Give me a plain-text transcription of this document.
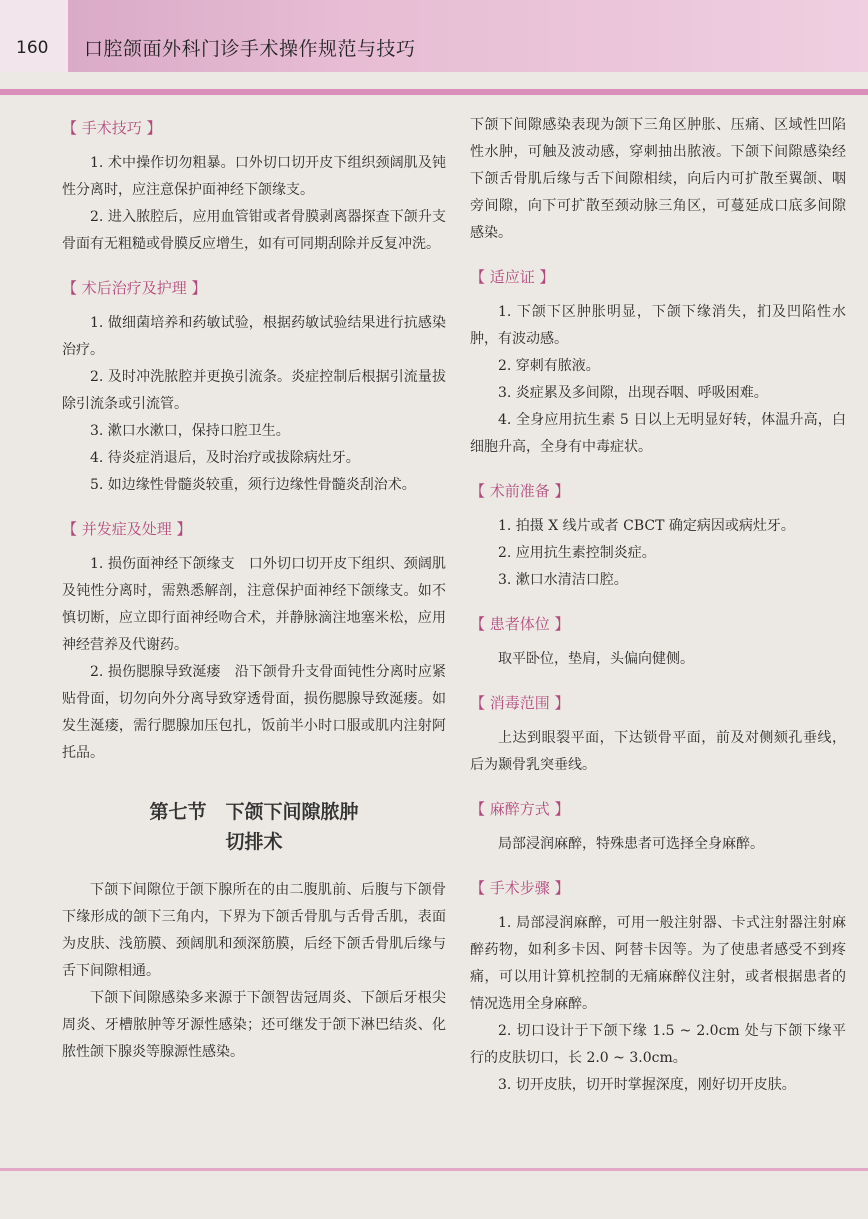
160 口腔颌面外科门诊手术操作规范与技巧
【 手术技巧 】

1. 术中操作切勿粗暴。口外切口切开皮下组织颈阔肌及钝性分离时，应注意保护面神经下颌缘支。

2. 进入脓腔后，应用血管钳或者骨膜剥离器探查下颌升支骨面有无粗糙或骨膜反应增生，如有可同期刮除并反复冲洗。

【 术后治疗及护理 】

1. 做细菌培养和药敏试验，根据药敏试验结果进行抗感染治疗。

2. 及时冲洗脓腔并更换引流条。炎症控制后根据引流量拔除引流条或引流管。

3. 漱口水漱口，保持口腔卫生。

4. 待炎症消退后，及时治疗或拔除病灶牙。

5. 如边缘性骨髓炎较重，须行边缘性骨髓炎刮治术。

【 并发症及处理 】

1. 损伤面神经下颌缘支　口外切口切开皮下组织、颈阔肌及钝性分离时，需熟悉解剖，注意保护面神经下颌缘支。如不慎切断，应立即行面神经吻合术，并静脉滴注地塞米松，应用神经营养及代谢药。

2. 损伤腮腺导致涎瘘　沿下颌骨升支骨面钝性分离时应紧贴骨面，切勿向外分离导致穿透骨面，损伤腮腺导致涎瘘。如发生涎瘘，需行腮腺加压包扎，饭前半小时口服或肌内注射阿托品。

第七节　下颌下间隙脓肿
切排术

下颌下间隙位于颌下腺所在的由二腹肌前、后腹与下颌骨下缘形成的颌下三角内，下界为下颌舌骨肌与舌骨舌肌，表面为皮肤、浅筋膜、颈阔肌和颈深筋膜，后经下颌舌骨肌后缘与舌下间隙相通。

下颌下间隙感染多来源于下颌智齿冠周炎、下颌后牙根尖周炎、牙槽脓肿等牙源性感染；还可继发于颌下淋巴结炎、化脓性颌下腺炎等腺源性感染。

下颌下间隙感染表现为颌下三角区肿胀、压痛、区域性凹陷性水肿，可触及波动感，穿刺抽出脓液。下颌下间隙感染经下颌舌骨肌后缘与舌下间隙相续，向后内可扩散至翼颌、咽旁间隙，向下可扩散至颈动脉三角区，可蔓延成口底多间隙感染。

【 适应证 】

1. 下颌下区肿胀明显，下颌下缘消失，扪及凹陷性水肿，有波动感。

2. 穿刺有脓液。

3. 炎症累及多间隙，出现吞咽、呼吸困难。

4. 全身应用抗生素 5 日以上无明显好转，体温升高，白细胞升高，全身有中毒症状。

【 术前准备 】

1. 拍摄 X 线片或者 CBCT 确定病因或病灶牙。

2. 应用抗生素控制炎症。

3. 漱口水清洁口腔。

【 患者体位 】

取平卧位，垫肩，头偏向健侧。

【 消毒范围 】

上达到眼裂平面，下达锁骨平面，前及对侧颏孔垂线，后为颞骨乳突垂线。

【 麻醉方式 】

局部浸润麻醉，特殊患者可选择全身麻醉。

【 手术步骤 】

1. 局部浸润麻醉，可用一般注射器、卡式注射器注射麻醉药物，如利多卡因、阿替卡因等。为了使患者感受不到疼痛，可以用计算机控制的无痛麻醉仪注射，或者根据患者的情况选用全身麻醉。

2. 切口设计于下颌下缘 1.5 ~ 2.0cm 处与下颌下缘平行的皮肤切口，长 2.0 ~ 3.0cm。

3. 切开皮肤，切开时掌握深度，刚好切开皮肤。
